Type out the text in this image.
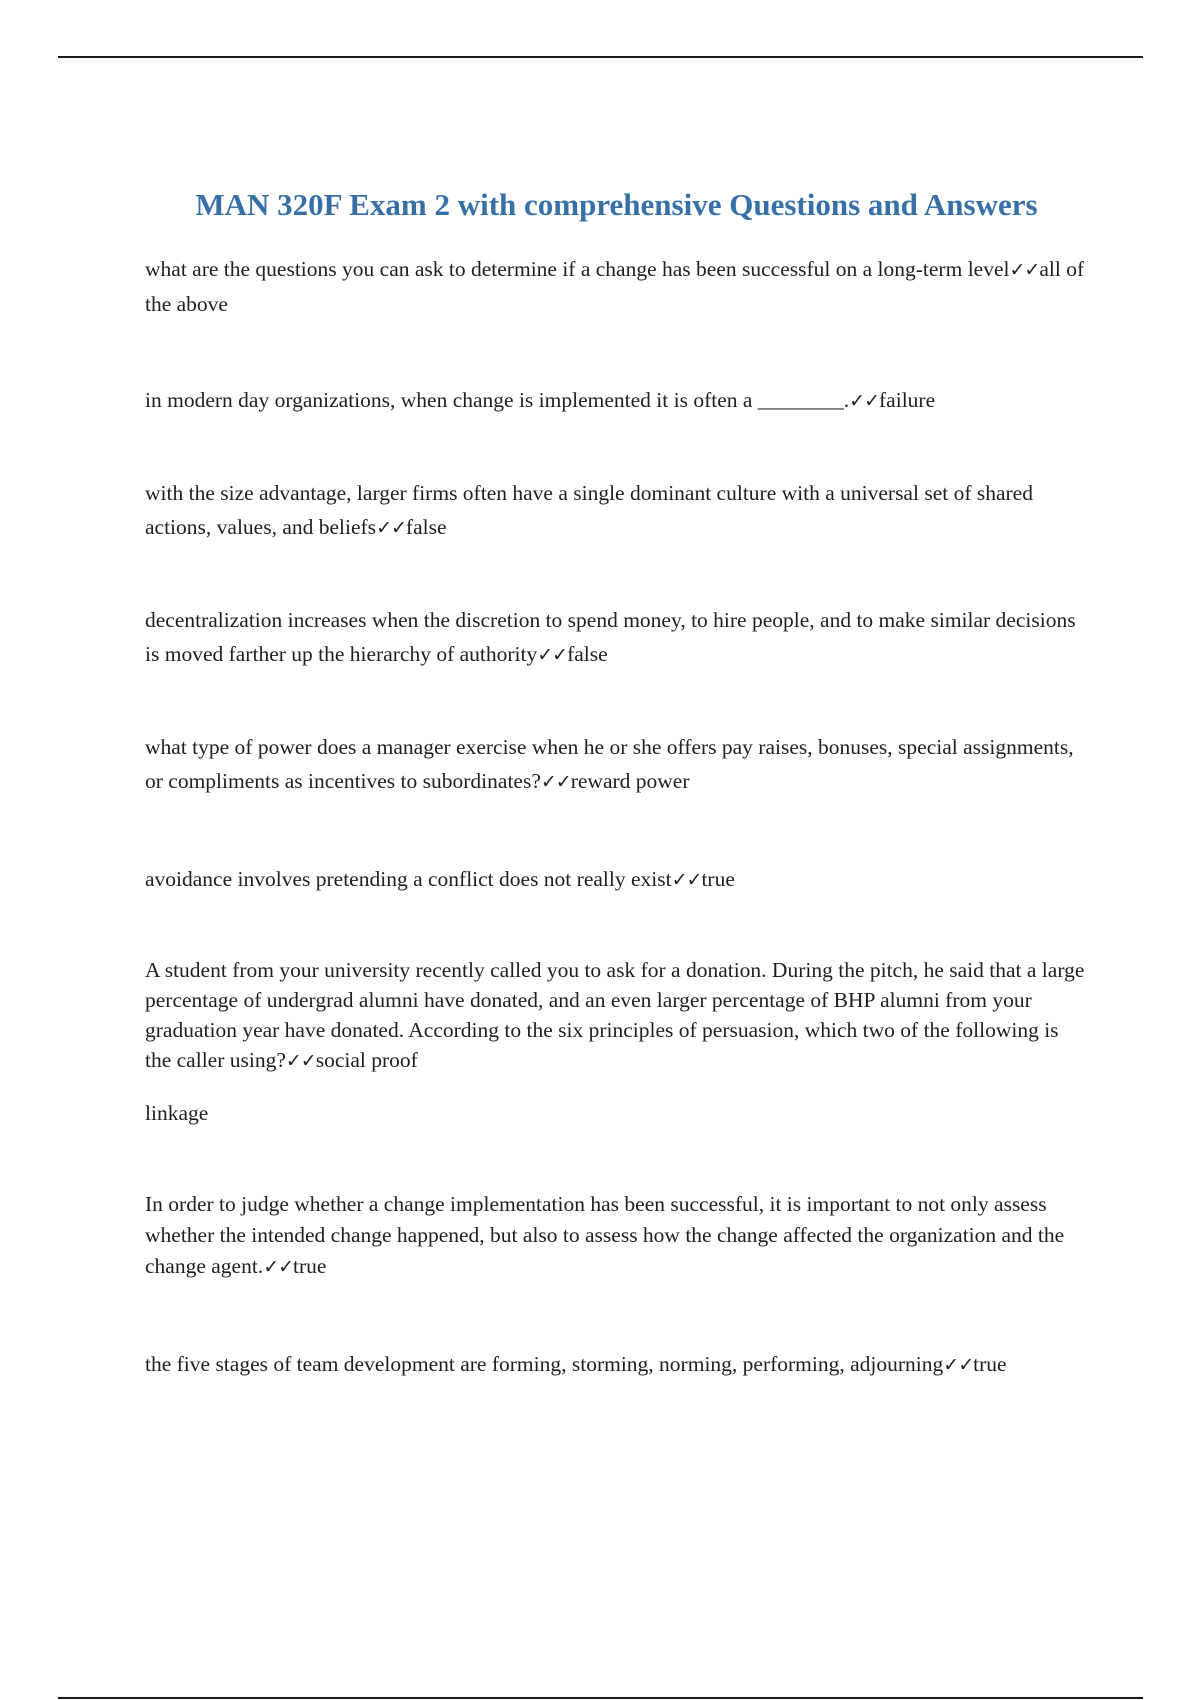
MAN 320F Exam 2 with comprehensive Questions and Answers

what are the questions you can ask to determine if a change has been successful on a long-term level✓✓all of the above

in modern day organizations, when change is implemented it is often a ________.✓✓failure

with the size advantage, larger firms often have a single dominant culture with a universal set of shared actions, values, and beliefs✓✓false

decentralization increases when the discretion to spend money, to hire people, and to make similar decisions is moved farther up the hierarchy of authority✓✓false

what type of power does a manager exercise when he or she offers pay raises, bonuses, special assignments, or compliments as incentives to subordinates?✓✓reward power

avoidance involves pretending a conflict does not really exist✓✓true

A student from your university recently called you to ask for a donation. During the pitch, he said that a large percentage of undergrad alumni have donated, and an even larger percentage of BHP alumni from your graduation year have donated. According to the six principles of persuasion, which two of the following is the caller using?✓✓social proof

linkage

In order to judge whether a change implementation has been successful, it is important to not only assess whether the intended change happened, but also to assess how the change affected the organization and the change agent.✓✓true

the five stages of team development are forming, storming, norming, performing, adjourning✓✓true
